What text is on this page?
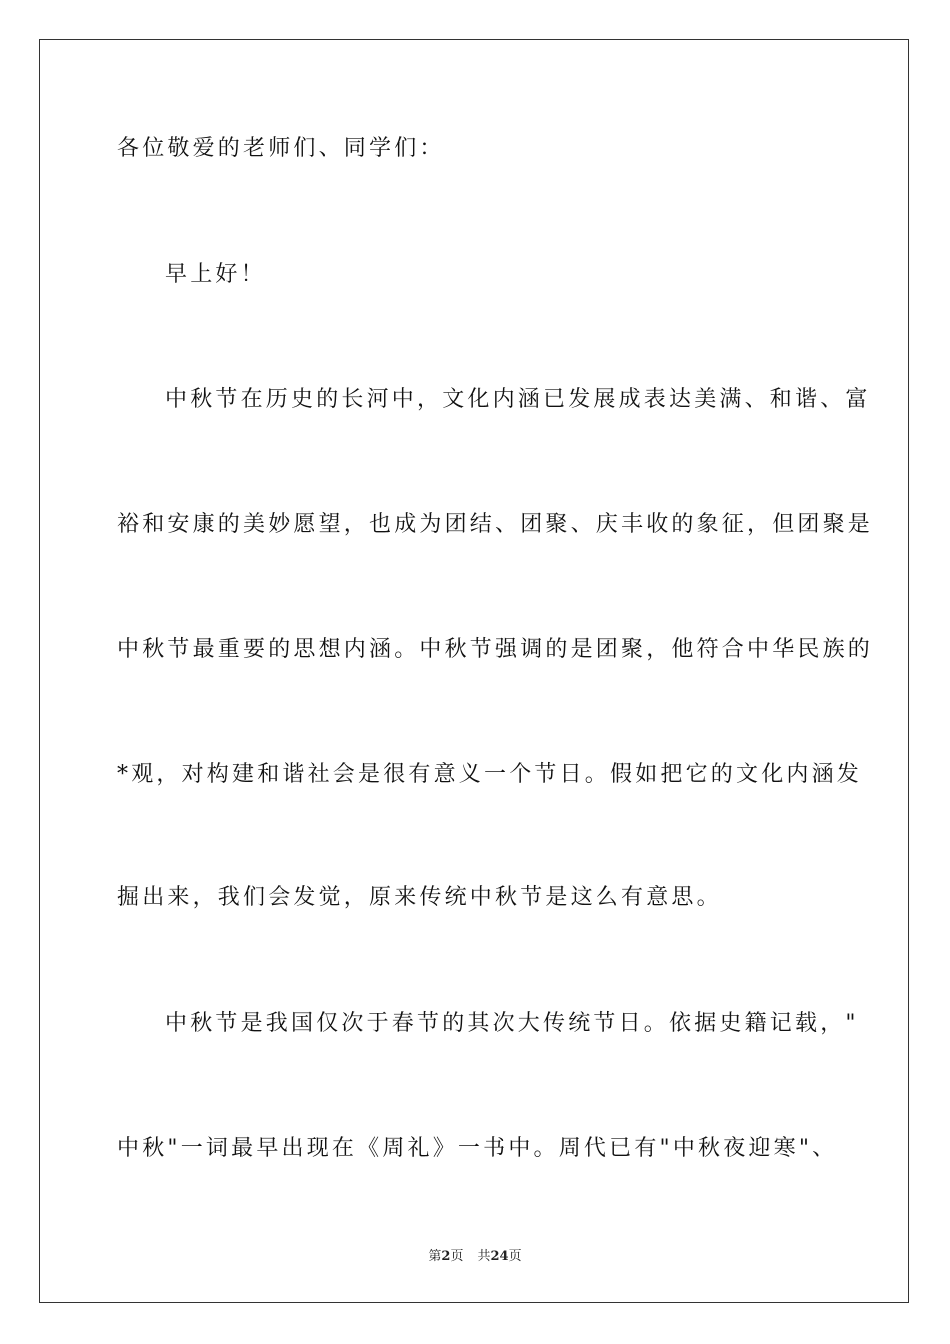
各位敬爱的老师们、同学们：
早上好！
中秋节在历史的长河中，文化内涵已发展成表达美满、和谐、富
裕和安康的美妙愿望，也成为团结、团聚、庆丰收的象征，但团聚是
中秋节最重要的思想内涵。中秋节强调的是团聚，他符合中华民族的
*观，对构建和谐社会是很有意义一个节日。假如把它的文化内涵发
掘出来，我们会发觉，原来传统中秋节是这么有意思。
中秋节是我国仅次于春节的其次大传统节日。依据史籍记载，"
中秋"一词最早出现在《周礼》一书中。周代已有"中秋夜迎寒"、
第2页 共24页
